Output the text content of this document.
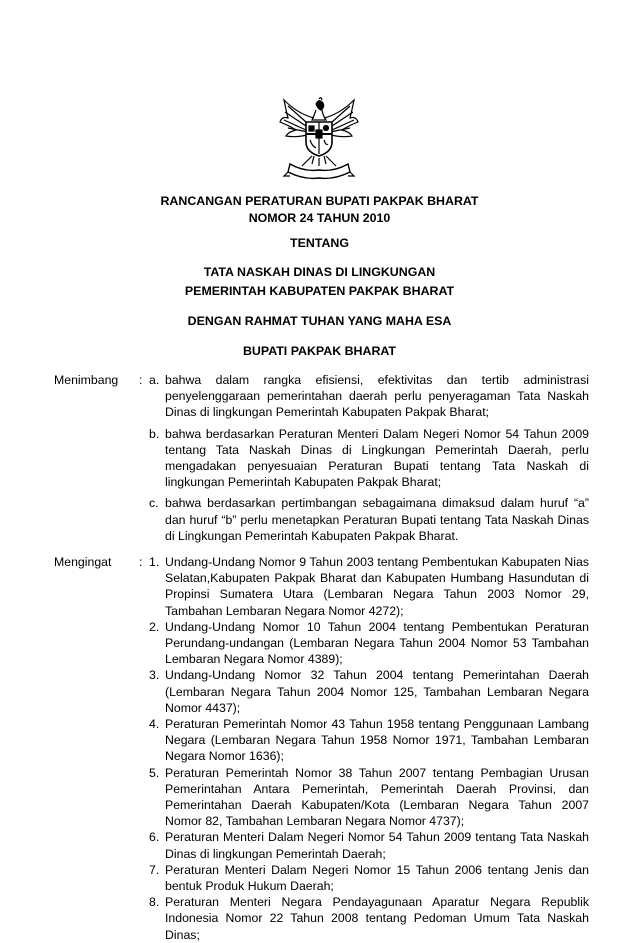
RANCANGAN PERATURAN BUPATI PAKPAK BHARAT
NOMOR 24 TAHUN 2010
TENTANG
TATA NASKAH DINAS DI LINGKUNGAN
PEMERINTAH KABUPATEN PAKPAK BHARAT
DENGAN RAHMAT TUHAN YANG MAHA ESA
BUPATI PAKPAK BHARAT
Menimbang	: a. bahwa dalam rangka efisiensi, efektivitas dan tertib administrasi penyelenggaraan pemerintahan daerah perlu penyeragaman Tata Naskah Dinas di lingkungan Pemerintah Kabupaten Pakpak Bharat;
b. bahwa berdasarkan Peraturan Menteri Dalam Negeri Nomor 54 Tahun 2009 tentang Tata Naskah Dinas di Lingkungan Pemerintah Daerah, perlu mengadakan penyesuaian Peraturan Bupati tentang Tata Naskah di lingkungan Pemerintah Kabupaten Pakpak Bharat;
c. bahwa berdasarkan pertimbangan sebagaimana dimaksud dalam huruf “a” dan huruf “b” perlu menetapkan Peraturan Bupati tentang Tata Naskah Dinas di Lingkungan Pemerintah Kabupaten Pakpak Bharat.
Mengingat	: 1. Undang-Undang Nomor 9 Tahun 2003 tentang Pembentukan Kabupaten Nias Selatan,Kabupaten Pakpak Bharat dan Kabupaten Humbang Hasundutan di Propinsi Sumatera Utara (Lembaran Negara Tahun 2003 Nomor 29, Tambahan Lembaran Negara Nomor 4272);
2. Undang-Undang Nomor 10 Tahun 2004 tentang Pembentukan Peraturan Perundang-undangan (Lembaran Negara Tahun 2004 Nomor 53 Tambahan Lembaran Negara Nomor 4389);
3. Undang-Undang Nomor 32 Tahun 2004 tentang Pemerintahan Daerah (Lembaran Negara Tahun 2004 Nomor 125, Tambahan Lembaran Negara Nomor 4437);
4. Peraturan Pemerintah Nomor 43 Tahun 1958 tentang Penggunaan Lambang Negara (Lembaran Negara Tahun 1958 Nomor 1971, Tambahan Lembaran Negara Nomor 1636);
5. Peraturan Pemerintah Nomor 38 Tahun 2007 tentang Pembagian Urusan Pemerintahan Antara Pemerintah, Pemerintah Daerah Provinsi, dan Pemerintahan Daerah Kabupaten/Kota (Lembaran Negara Tahun 2007 Nomor 82, Tambahan Lembaran Negara Nomor 4737);
6. Peraturan Menteri Dalam Negeri Nomor 54 Tahun 2009 tentang Tata Naskah Dinas di lingkungan Pemerintah Daerah;
7. Peraturan Menteri Dalam Negeri Nomor 15 Tahun 2006 tentang Jenis dan bentuk Produk Hukum Daerah;
8. Peraturan Menteri Negara Pendayagunaan Aparatur Negara Republik Indonesia Nomor 22 Tahun 2008 tentang Pedoman Umum Tata Naskah Dinas;
